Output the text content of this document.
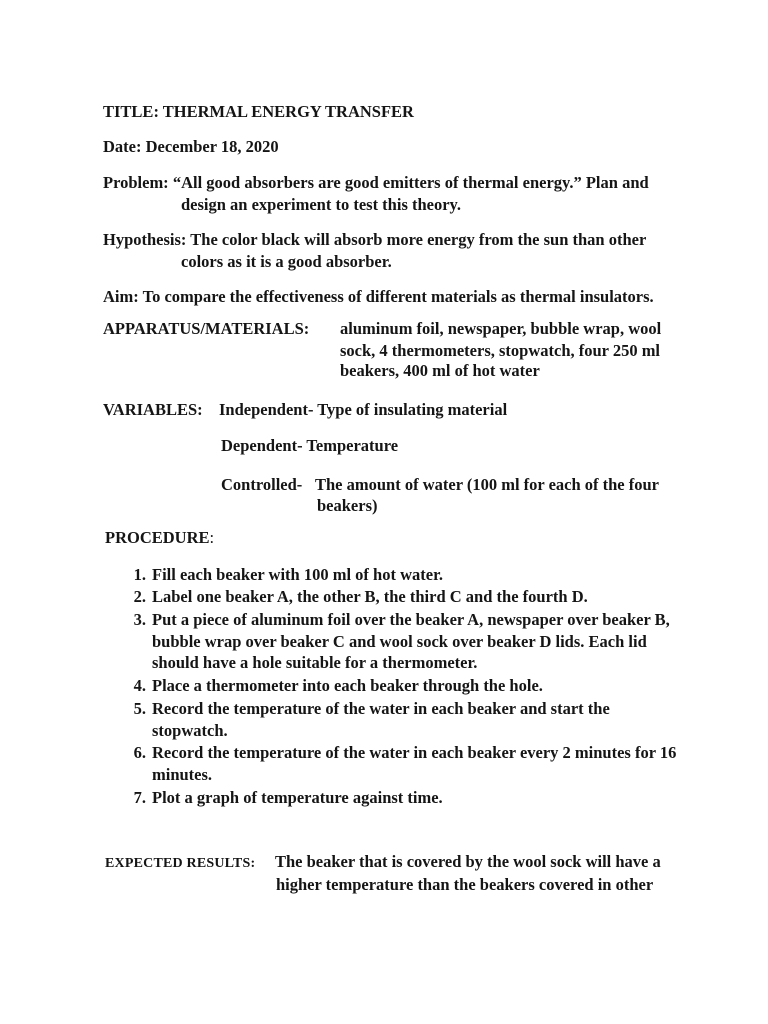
TITLE: THERMAL ENERGY TRANSFER
Date: December 18, 2020
Problem: “All good absorbers are good emitters of thermal energy.” Plan and
design an experiment to test this theory.
Hypothesis: The color black will absorb more energy from the sun than other
colors as it is a good absorber.
Aim: To compare the effectiveness of different materials as thermal insulators.
APPARATUS/MATERIALS: aluminum foil, newspaper, bubble wrap, wool
sock, 4 thermometers, stopwatch, four 250 ml
beakers, 400 ml of hot water
VARIABLES: Independent- Type of insulating material
Dependent- Temperature
Controlled- The amount of water (100 ml for each of the four
beakers)
PROCEDURE:
1. Fill each beaker with 100 ml of hot water.
2. Label one beaker A, the other B, the third C and the fourth D.
3. Put a piece of aluminum foil over the beaker A, newspaper over beaker B,
bubble wrap over beaker C and wool sock over beaker D lids. Each lid
should have a hole suitable for a thermometer.
4. Place a thermometer into each beaker through the hole.
5. Record the temperature of the water in each beaker and start the
stopwatch.
6. Record the temperature of the water in each beaker every 2 minutes for 16
minutes.
7. Plot a graph of temperature against time.
EXPECTED RESULTS: The beaker that is covered by the wool sock will have a
higher temperature than the beakers covered in other
